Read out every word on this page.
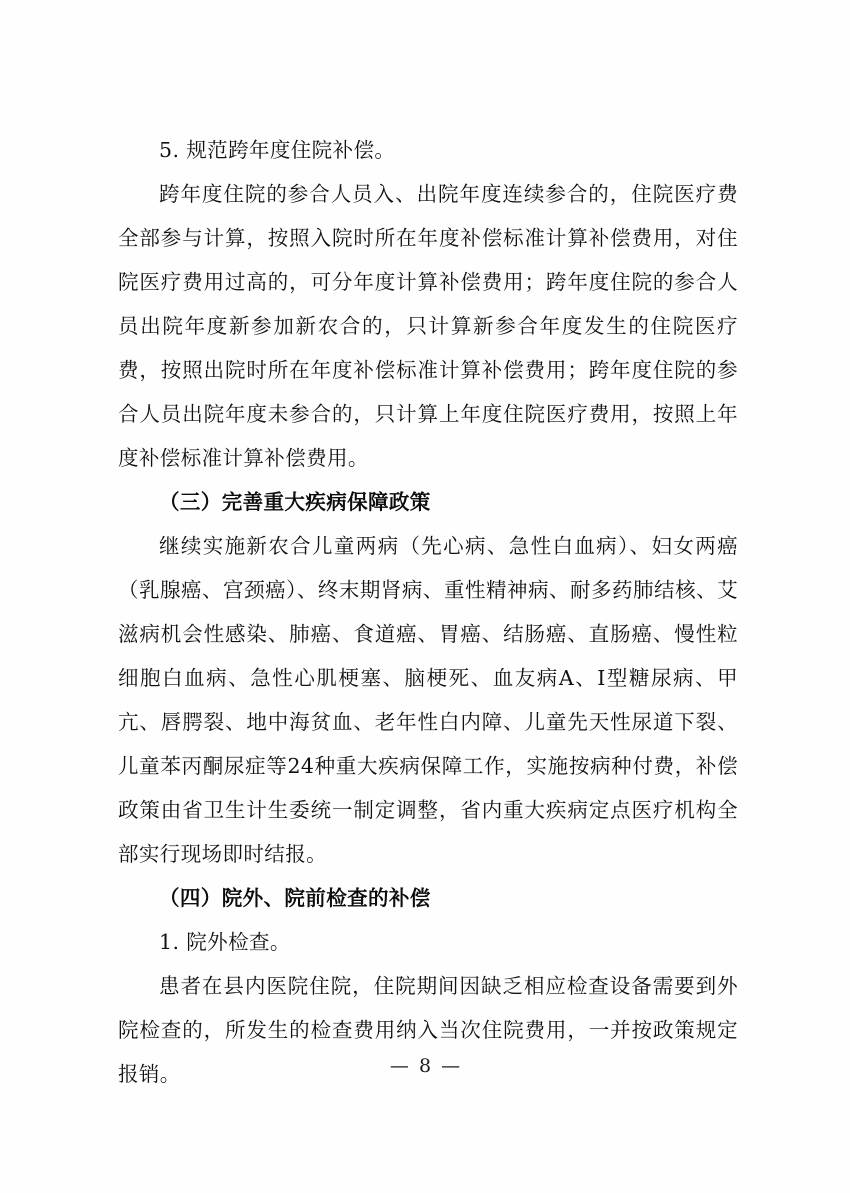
5. 规范跨年度住院补偿。

跨年度住院的参合人员入、出院年度连续参合的，住院医疗费全部参与计算，按照入院时所在年度补偿标准计算补偿费用，对住院医疗费用过高的，可分年度计算补偿费用；跨年度住院的参合人员出院年度新参加新农合的，只计算新参合年度发生的住院医疗费，按照出院时所在年度补偿标准计算补偿费用；跨年度住院的参合人员出院年度未参合的，只计算上年度住院医疗费用，按照上年度补偿标准计算补偿费用。

（三）完善重大疾病保障政策

继续实施新农合儿童两病（先心病、急性白血病）、妇女两癌（乳腺癌、宫颈癌）、终末期肾病、重性精神病、耐多药肺结核、艾滋病机会性感染、肺癌、食道癌、胃癌、结肠癌、直肠癌、慢性粒细胞白血病、急性心肌梗塞、脑梗死、血友病A、Ⅰ型糖尿病、甲亢、唇腭裂、地中海贫血、老年性白内障、儿童先天性尿道下裂、儿童苯丙酮尿症等24种重大疾病保障工作，实施按病种付费，补偿政策由省卫生计生委统一制定调整，省内重大疾病定点医疗机构全部实行现场即时结报。

（四）院外、院前检查的补偿

1. 院外检查。

患者在县内医院住院，住院期间因缺乏相应检查设备需要到外院检查的，所发生的检查费用纳入当次住院费用，一并按政策规定报销。	— 8 —
